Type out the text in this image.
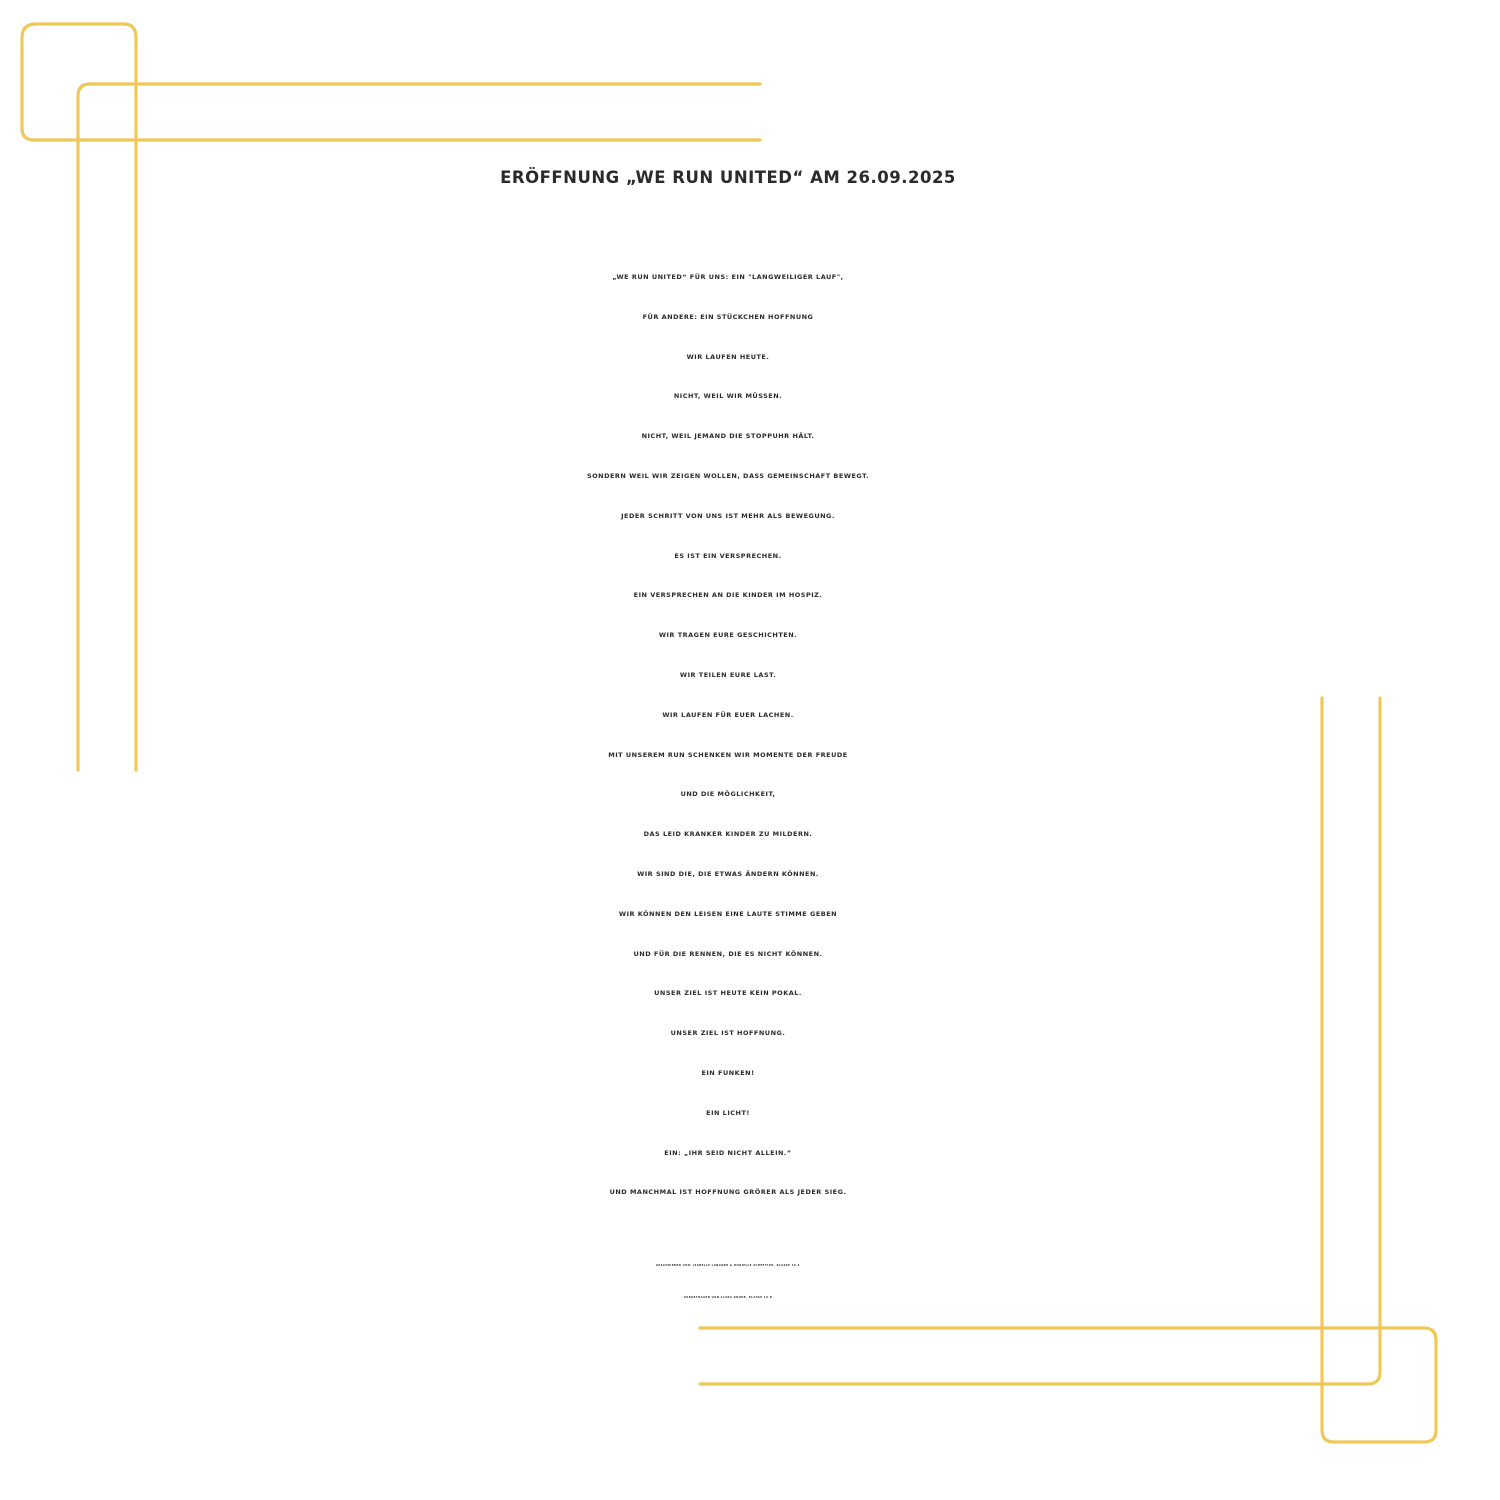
ERÖFFNUNG „WE RUN UNITED“ AM 26.09.2025
„WE RUN UNITED“ FÜR UNS: EIN "LANGWEILIGER LAUF",
FÜR ANDERE: EIN STÜCKCHEN HOFFNUNG
WIR LAUFEN HEUTE.
NICHT, WEIL WIR MÜSSEN.
NICHT, WEIL JEMAND DIE STOPPUHR HÄLT.
SONDERN WEIL WIR ZEIGEN WOLLEN, DASS GEMEINSCHAFT BEWEGT.
JEDER SCHRITT VON UNS IST MEHR ALS BEWEGUNG.
ES IST EIN VERSPRECHEN.
EIN VERSPRECHEN AN DIE KINDER IM HOSPIZ.
WIR TRAGEN EURE GESCHICHTEN.
WIR TEILEN EURE LAST.
WIR LAUFEN FÜR EUER LACHEN.
MIT UNSEREM RUN SCHENKEN WIR MOMENTE DER FREUDE
UND DIE MÖGLICHKEIT,
DAS LEID KRANKER KINDER ZU MILDERN.
WIR SIND DIE, DIE ETWAS ÄNDERN KÖNNEN.
WIR KÖNNEN DEN LEISEN EINE LAUTE STIMME GEBEN
UND FÜR DIE RENNEN, DIE ES NICHT KÖNNEN.
UNSER ZIEL IST HEUTE KEIN POKAL.
UNSER ZIEL IST HOFFNUNG.
EIN FUNKEN!
EIN LICHT!
EIN: „IHR SEID NICHT ALLEIN.”
UND MANCHMAL IST HOFFNUNG GRÖRER ALS JEDER SIEG.
GESCHRIEBEN VON: ISABELLE LANGNER & MARIELLE SCHEFFLER, KLASSE 10 A
VORGETRAGEN VON CLARA KROHE, KLASSE 10 D
